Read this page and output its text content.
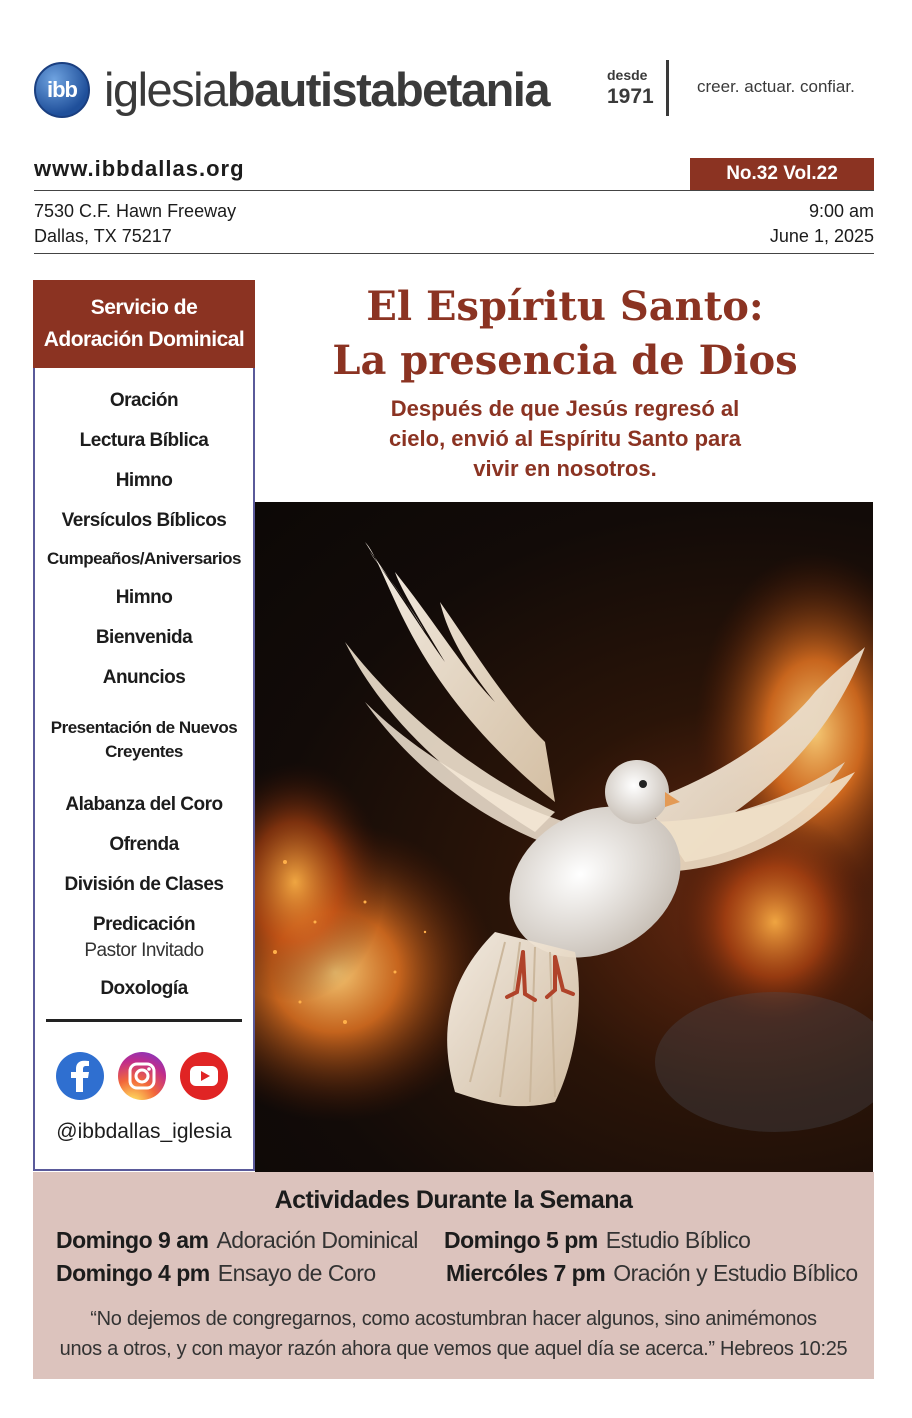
ibb iglesiabautistabetania	desde
1971	creer. actuar. confiar.
www.ibbdallas.org	No.32 Vol.22
7530 C.F. Hawn Freeway
Dallas, TX 75217
9:00 am
June 1, 2025
Servicio de
Adoración Dominical
Oración
Lectura Bíblica
Himno
Versículos Bíblicos
Cumpeaños/Aniversarios
Himno
Bienvenida
Anuncios
Presentación de Nuevos
Creyentes
Alabanza del Coro
Ofrenda
División de Clases
Predicación
Pastor Invitado
Doxología
@ibbdallas_iglesia
El Espíritu Santo:
La presencia de Dios
Después de que Jesús regresó al
cielo, envió al Espíritu Santo para
vivir en nosotros.
Actividades Durante la Semana
Domingo 9 am Adoración Dominical Domingo 5 pm Estudio Bíblico
Domingo 4 pm Ensayo de Coro	Miercóles 7 pm Oración y Estudio Bíblico
“No dejemos de congregarnos, como acostumbran hacer algunos, sino animémonos
unos a otros, y con mayor razón ahora que vemos que aquel día se acerca.” Hebreos 10:25
